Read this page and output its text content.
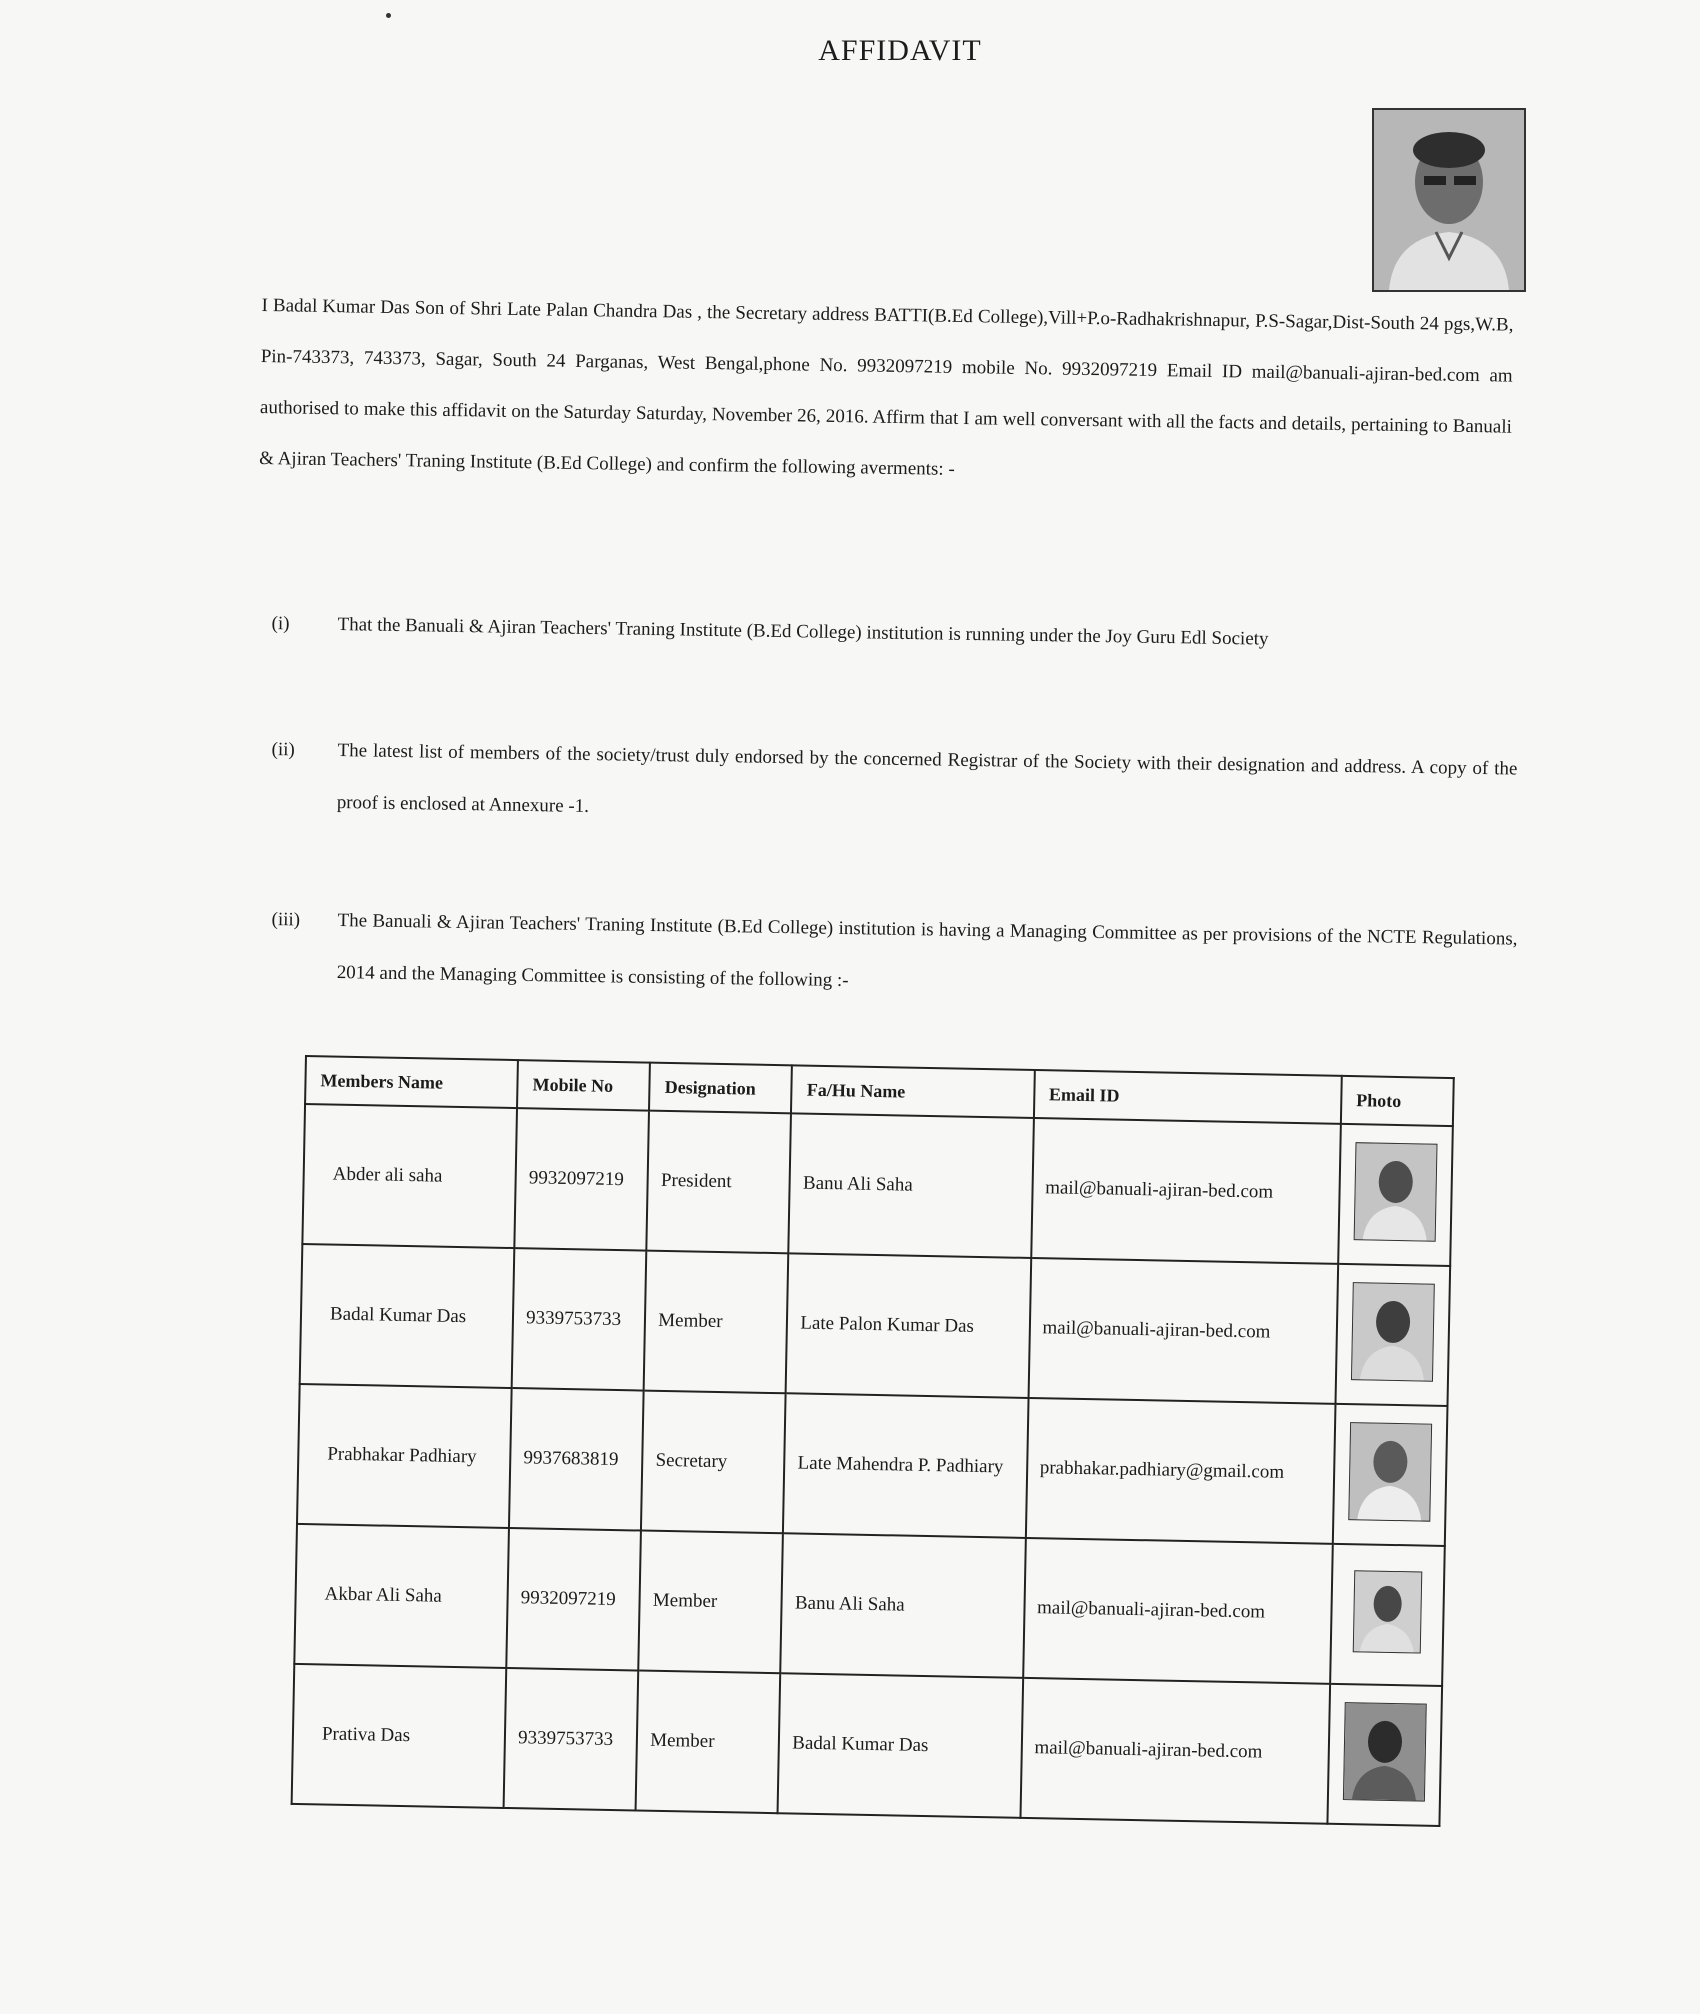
AFFIDAVIT
I Badal Kumar Das Son of Shri Late Palan Chandra Das , the Secretary address BATTI(B.Ed College),Vill+P.o-Radhakrishnapur, P.S-Sagar,Dist-South 24 pgs,W.B, Pin-743373, 743373, Sagar, South 24 Parganas, West Bengal,phone No. 9932097219 mobile No. 9932097219 Email ID mail@banuali-ajiran-bed.com am authorised to make this affidavit on the Saturday Saturday, November 26, 2016. Affirm that I am well conversant with all the facts and details, pertaining to Banuali & Ajiran Teachers' Traning Institute (B.Ed College) and confirm the following averments: -
(i)	That the Banuali & Ajiran Teachers' Traning Institute (B.Ed College) institution is running under the Joy Guru Edl Society
(ii)	The latest list of members of the society/trust duly endorsed by the concerned Registrar of the Society with their designation and address. A copy of the proof is enclosed at Annexure -1.
(iii)	The Banuali & Ajiran Teachers' Traning Institute (B.Ed College) institution is having a Managing Committee as per provisions of the NCTE Regulations, 2014 and the Managing Committee is consisting of the following :-
Members Name	Mobile No	Designation	Fa/Hu Name	Email ID	Photo
Abder ali saha	9932097219	President	Banu Ali Saha	mail@banuali-ajiran-bed.com	
Badal Kumar Das	9339753733	Member	Late Palon Kumar Das	mail@banuali-ajiran-bed.com	
Prabhakar Padhiary	9937683819	Secretary	Late Mahendra P. Padhiary	prabhakar.padhiary@gmail.com	
Akbar Ali Saha	9932097219	Member	Banu Ali Saha	mail@banuali-ajiran-bed.com	
Prativa Das	9339753733	Member	Badal Kumar Das	mail@banuali-ajiran-bed.com	
